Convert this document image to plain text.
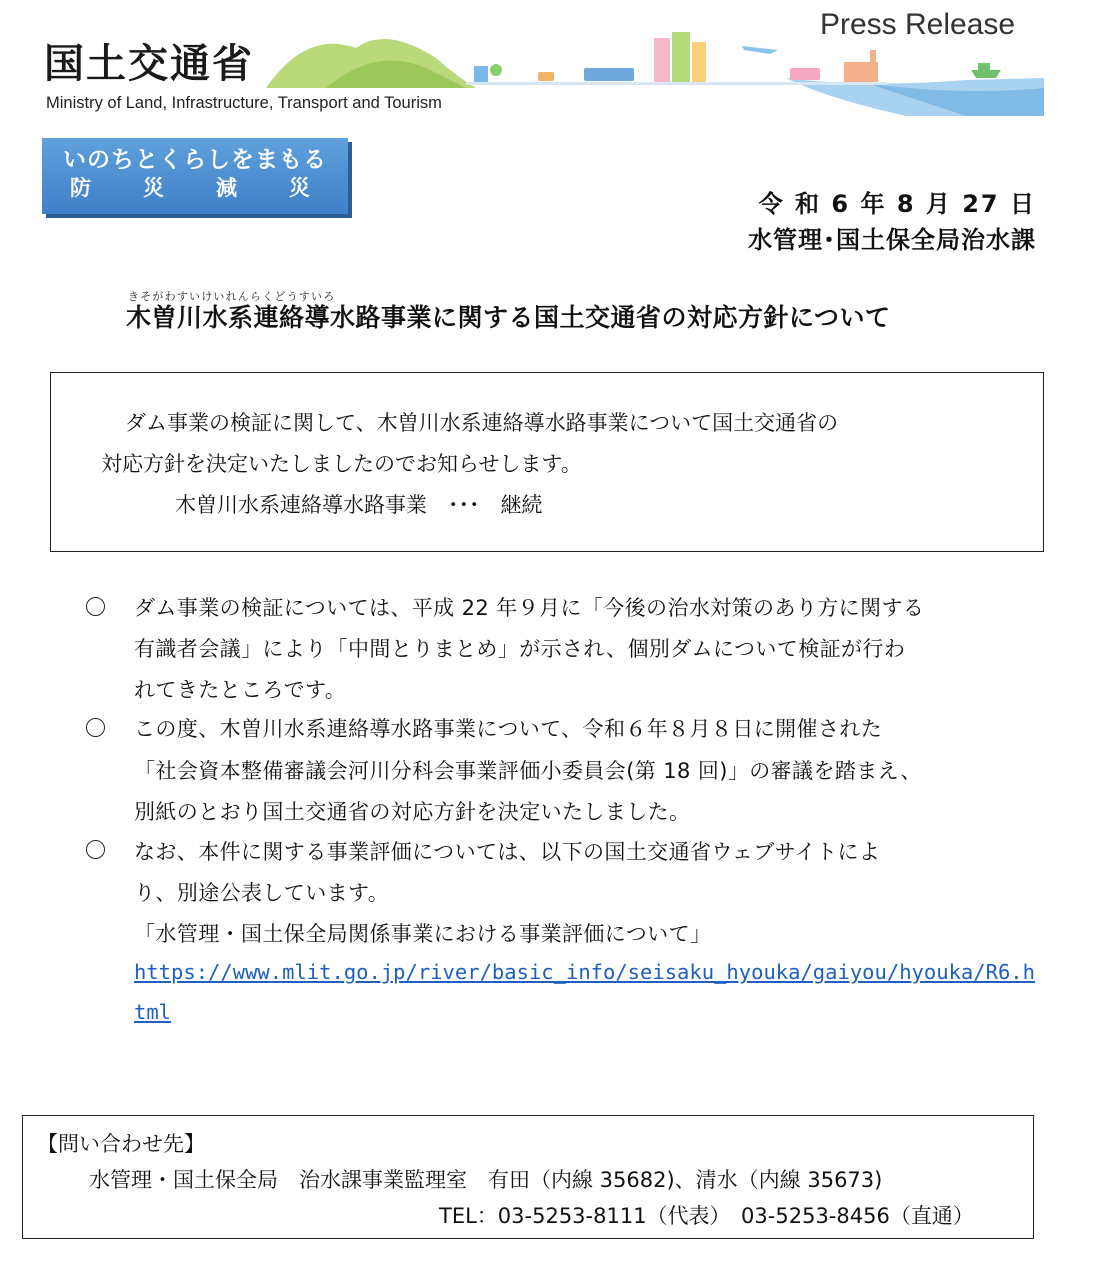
国土交通省
Ministry of Land, Infrastructure, Transport and Tourism
Press Release
いのちとくらしをまもる
防 災 減 災
令 和 6 年 8 月 27 日
水管理･国土保全局治水課
きそがわすいけいれんらくどうすいろ
木曽川水系連絡導水路事業に関する国土交通省の対応方針について
ダム事業の検証に関して、木曽川水系連絡導水路事業について国土交通省の
対応方針を決定いたしましたのでお知らせします。
木曽川水系連絡導水路事業　･･･　継続
ダム事業の検証については、平成 22 年９月に「今後の治水対策のあり方に関する
有識者会議」により「中間とりまとめ」が示され、個別ダムについて検証が行わ
れてきたところです。
この度、木曽川水系連絡導水路事業について、令和６年８月８日に開催された
「社会資本整備審議会河川分科会事業評価小委員会(第 18 回)」の審議を踏まえ、
別紙のとおり国土交通省の対応方針を決定いたしました。
なお、本件に関する事業評価については、以下の国土交通省ウェブサイトによ
り、別途公表しています。
「水管理・国土保全局関係事業における事業評価について」
https://www.mlit.go.jp/river/basic_info/seisaku_hyouka/gaiyou/hyouka/R6.h
tml
【問い合わせ先】
水管理・国土保全局　治水課事業監理室　有田（内線 35682)、清水（内線 35673)
TEL：03-5253-8111（代表）　03-5253-8456（直通）
